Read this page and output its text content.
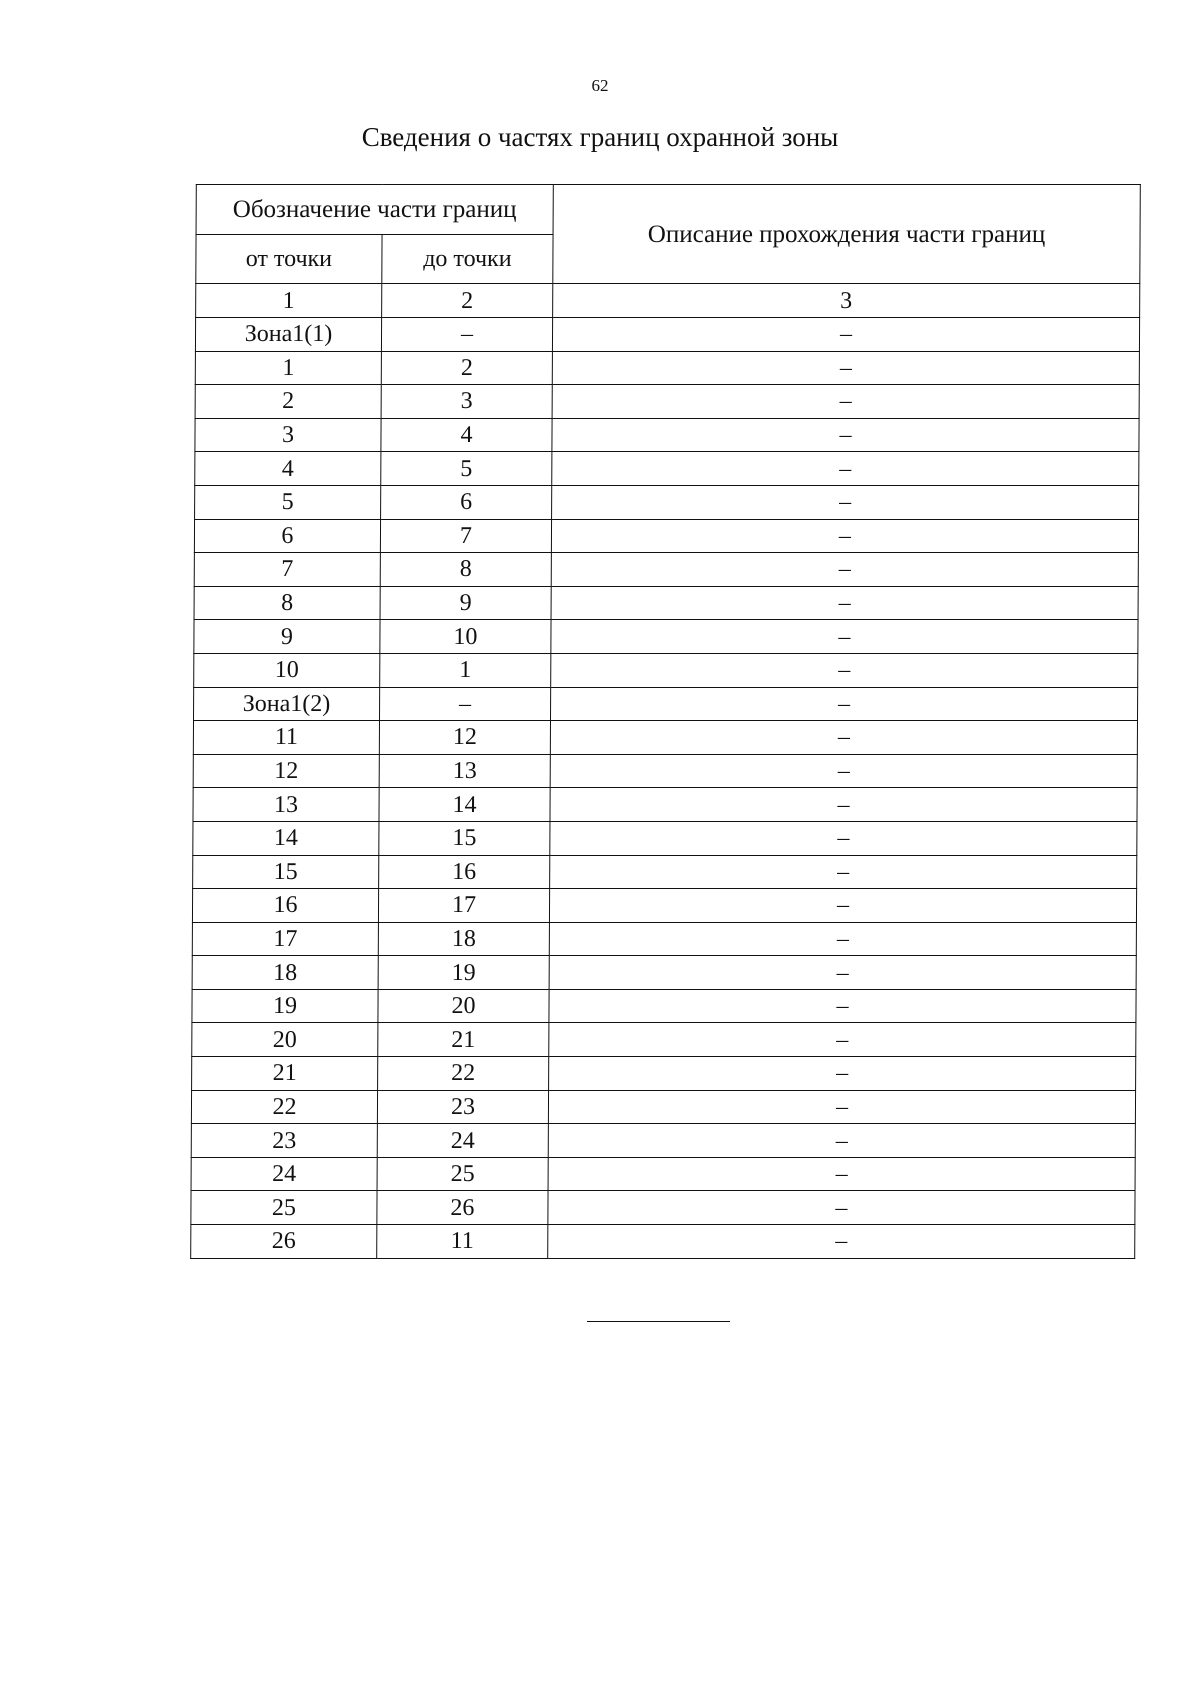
62
Сведения о частях границ охранной зоны
Обозначение части границ		Описание прохождения части границ
от точки	до точки	
1	2	3
Зона1(1)	–	–
1	2	–
2	3	–
3	4	–
4	5	–
5	6	–
6	7	–
7	8	–
8	9	–
9	10	–
10	1	–
Зона1(2)	–	–
11	12	–
12	13	–
13	14	–
14	15	–
15	16	–
16	17	–
17	18	–
18	19	–
19	20	–
20	21	–
21	22	–
22	23	–
23	24	–
24	25	–
25	26	–
26	11	–
